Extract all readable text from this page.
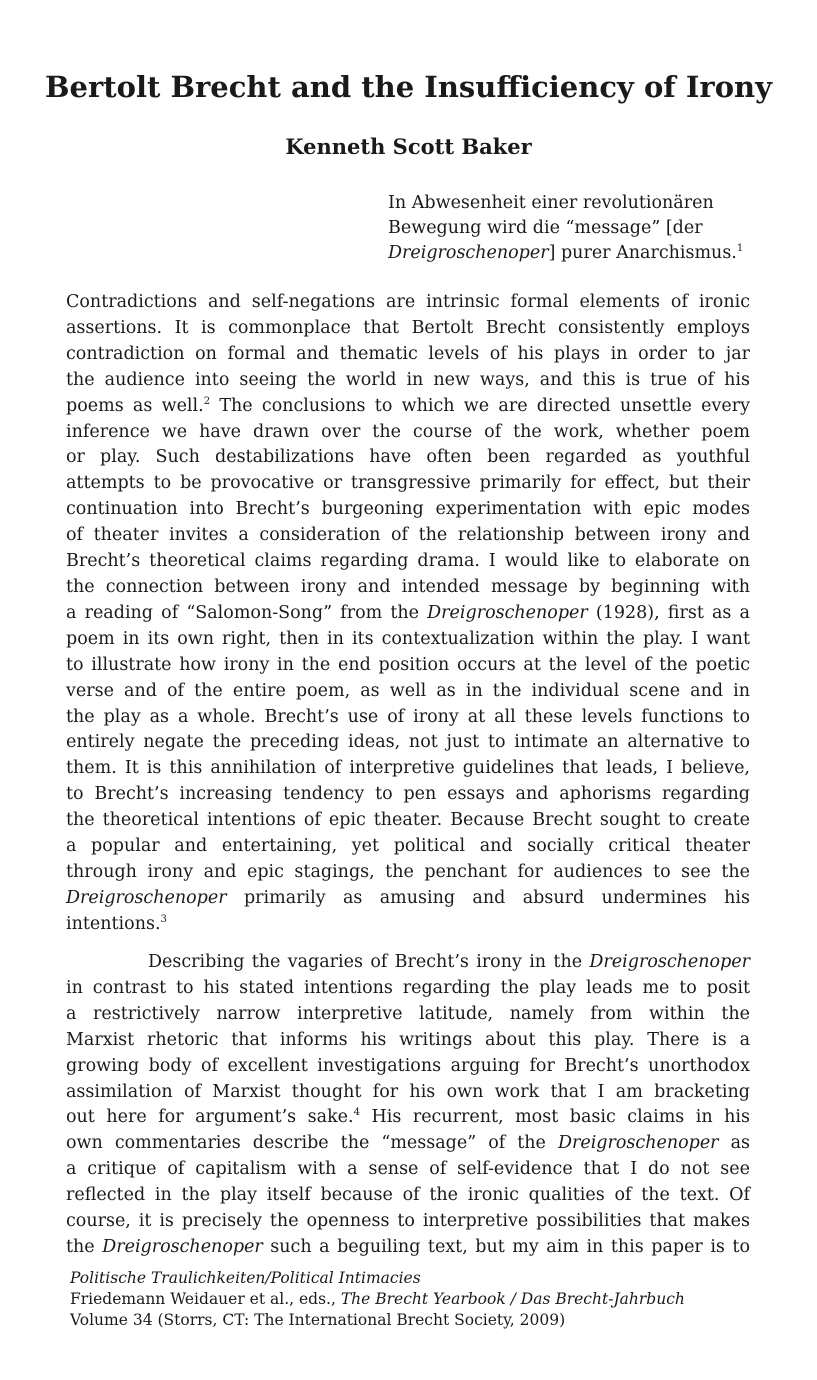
Bertolt Brecht and the Insufficiency of Irony
Kenneth Scott Baker
In Abwesenheit einer revolutionären
Bewegung wird die “message” [der
Dreigroschenoper] purer Anarchismus.$^1$
Contradictions and self-negations are intrinsic formal elements of ironic
assertions. It is commonplace that Bertolt Brecht consistently employs
contradiction on formal and thematic levels of his plays in order to jar
the audience into seeing the world in new ways, and this is true of his
poems as well.$^2$ The conclusions to which we are directed unsettle every
inference we have drawn over the course of the work, whether poem
or play. Such destabilizations have often been regarded as youthful
attempts to be provocative or transgressive primarily for effect, but their
continuation into Brecht’s burgeoning experimentation with epic modes
of theater invites a consideration of the relationship between irony and
Brecht’s theoretical claims regarding drama. I would like to elaborate on
the connection between irony and intended message by beginning with
a reading of “Salomon-Song” from the Dreigroschenoper (1928), first as a
poem in its own right, then in its contextualization within the play. I want
to illustrate how irony in the end position occurs at the level of the poetic
verse and of the entire poem, as well as in the individual scene and in
the play as a whole. Brecht’s use of irony at all these levels functions to
entirely negate the preceding ideas, not just to intimate an alternative to
them. It is this annihilation of interpretive guidelines that leads, I believe,
to Brecht’s increasing tendency to pen essays and aphorisms regarding
the theoretical intentions of epic theater. Because Brecht sought to create
a popular and entertaining, yet political and socially critical theater
through irony and epic stagings, the penchant for audiences to see the
Dreigroschenoper primarily as amusing and absurd undermines his
intentions.$^3$
Describing the vagaries of Brecht’s irony in the Dreigroschenoper
in contrast to his stated intentions regarding the play leads me to posit
a restrictively narrow interpretive latitude, namely from within the
Marxist rhetoric that informs his writings about this play. There is a
growing body of excellent investigations arguing for Brecht’s unorthodox
assimilation of Marxist thought for his own work that I am bracketing
out here for argument’s sake.$^4$ His recurrent, most basic claims in his
own commentaries describe the “message” of the Dreigroschenoper as
a critique of capitalism with a sense of self-evidence that I do not see
reflected in the play itself because of the ironic qualities of the text. Of
course, it is precisely the openness to interpretive possibilities that makes
the Dreigroschenoper such a beguiling text, but my aim in this paper is to
Politische Traulichkeiten/Political Intimacies
Friedemann Weidauer et al., eds., The Brecht Yearbook / Das Brecht-Jahrbuch
Volume 34 (Storrs, CT: The International Brecht Society, 2009)
